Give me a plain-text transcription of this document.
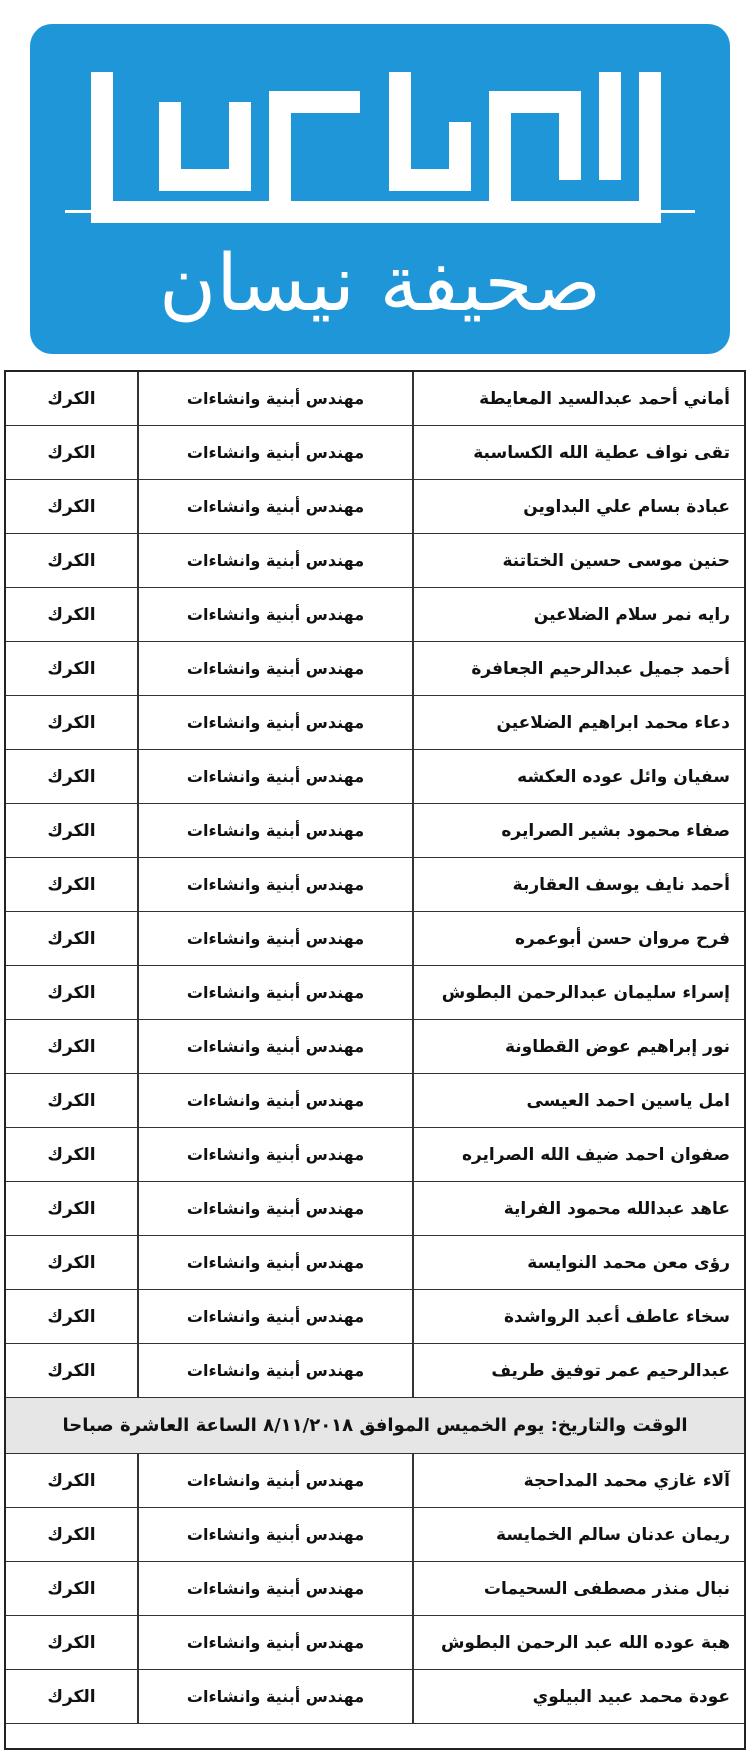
صحيفة نيسان
أماني أحمد عبدالسيد المعايطة
مهندس أبنية وانشاءات
الكرك
تقى نواف عطية الله الكساسبة
مهندس أبنية وانشاءات
الكرك
عبادة بسام علي البداوين
مهندس أبنية وانشاءات
الكرك
حنين موسى حسين الختاتنة
مهندس أبنية وانشاءات
الكرك
رايه نمر سلام الضلاعين
مهندس أبنية وانشاءات
الكرك
أحمد جميل عبدالرحيم الجعافرة
مهندس أبنية وانشاءات
الكرك
دعاء محمد ابراهيم الضلاعين
مهندس أبنية وانشاءات
الكرك
سفيان وائل عوده العكشه
مهندس أبنية وانشاءات
الكرك
صفاء محمود بشير الصرايره
مهندس أبنية وانشاءات
الكرك
أحمد نايف يوسف العقاربة
مهندس أبنية وانشاءات
الكرك
فرح مروان حسن أبوعمره
مهندس أبنية وانشاءات
الكرك
إسراء سليمان عبدالرحمن البطوش
مهندس أبنية وانشاءات
الكرك
نور إبراهيم عوض القطاونة
مهندس أبنية وانشاءات
الكرك
امل ياسين احمد العيسى
مهندس أبنية وانشاءات
الكرك
صفوان احمد ضيف الله الصرايره
مهندس أبنية وانشاءات
الكرك
عاهد عبدالله محمود الفراية
مهندس أبنية وانشاءات
الكرك
رؤى معن محمد النوايسة
مهندس أبنية وانشاءات
الكرك
سخاء عاطف أعبد الرواشدة
مهندس أبنية وانشاءات
الكرك
عبدالرحيم عمر توفيق طريف
مهندس أبنية وانشاءات
الكرك
الوقت والتاريخ: يوم الخميس الموافق ٨/١١/٢٠١٨ الساعة العاشرة صباحا
آلاء غازي محمد المداحجة
مهندس أبنية وانشاءات
الكرك
ريمان عدنان سالم الخمايسة
مهندس أبنية وانشاءات
الكرك
نبال منذر مصطفى السحيمات
مهندس أبنية وانشاءات
الكرك
هبة عوده الله عبد الرحمن البطوش
مهندس أبنية وانشاءات
الكرك
عودة محمد عبيد البيلوي
مهندس أبنية وانشاءات
الكرك
